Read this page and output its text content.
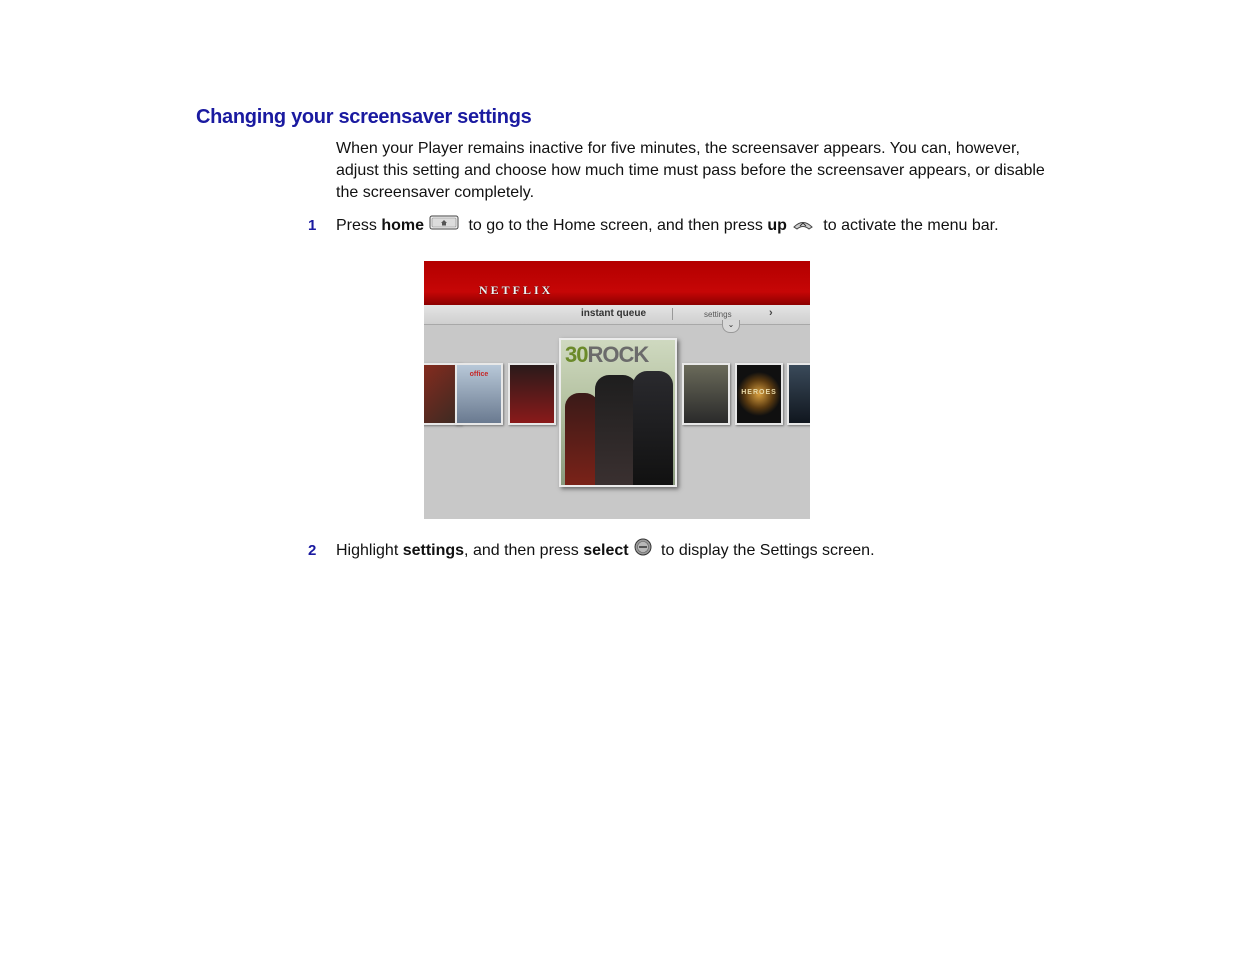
Changing your screensaver settings

When your Player remains inactive for five minutes, the screensaver appears. You can, however, adjust this setting and choose how much time must pass before the screensaver appears, or disable the screensaver completely.

1	Press home	to go to the Home screen, and then press up to activate the menu bar.
NETFLIX
instant queue	settings	›
⌄
office
30ROCK
HEROES
2	Highlight settings , and then press select to display the Settings screen.
